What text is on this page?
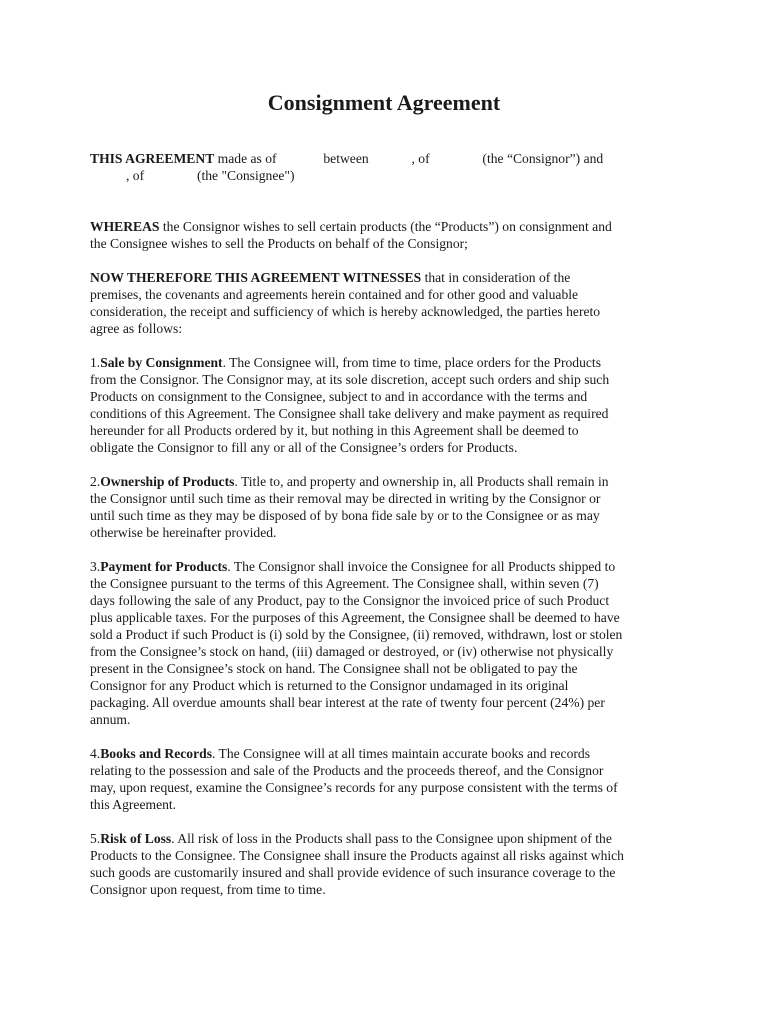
Consignment Agreement

THIS AGREEMENT made as of	between	, of	(the “Consignor”) and
, of	(the "Consignee")

WHEREAS the Consignor wishes to sell certain products (the “Products”) on consignment and
the Consignee wishes to sell the Products on behalf of the Consignor;

NOW THEREFORE THIS AGREEMENT WITNESSES that in consideration of the
premises, the covenants and agreements herein contained and for other good and valuable
consideration, the receipt and sufficiency of which is hereby acknowledged, the parties hereto
agree as follows:

1.Sale by Consignment. The Consignee will, from time to time, place orders for the Products
from the Consignor. The Consignor may, at its sole discretion, accept such orders and ship such
Products on consignment to the Consignee, subject to and in accordance with the terms and
conditions of this Agreement. The Consignee shall take delivery and make payment as required
hereunder for all Products ordered by it, but nothing in this Agreement shall be deemed to
obligate the Consignor to fill any or all of the Consignee’s orders for Products.

2.Ownership of Products. Title to, and property and ownership in, all Products shall remain in
the Consignor until such time as their removal may be directed in writing by the Consignor or
until such time as they may be disposed of by bona fide sale by or to the Consignee or as may
otherwise be hereinafter provided.

3.Payment for Products. The Consignor shall invoice the Consignee for all Products shipped to
the Consignee pursuant to the terms of this Agreement. The Consignee shall, within seven (7)
days following the sale of any Product, pay to the Consignor the invoiced price of such Product
plus applicable taxes. For the purposes of this Agreement, the Consignee shall be deemed to have
sold a Product if such Product is (i) sold by the Consignee, (ii) removed, withdrawn, lost or stolen
from the Consignee’s stock on hand, (iii) damaged or destroyed, or (iv) otherwise not physically
present in the Consignee’s stock on hand. The Consignee shall not be obligated to pay the
Consignor for any Product which is returned to the Consignor undamaged in its original
packaging. All overdue amounts shall bear interest at the rate of twenty four percent (24%) per
annum.

4.Books and Records. The Consignee will at all times maintain accurate books and records
relating to the possession and sale of the Products and the proceeds thereof, and the Consignor
may, upon request, examine the Consignee’s records for any purpose consistent with the terms of
this Agreement.

5.Risk of Loss. All risk of loss in the Products shall pass to the Consignee upon shipment of the
Products to the Consignee. The Consignee shall insure the Products against all risks against which
such goods are customarily insured and shall provide evidence of such insurance coverage to the
Consignor upon request, from time to time.
